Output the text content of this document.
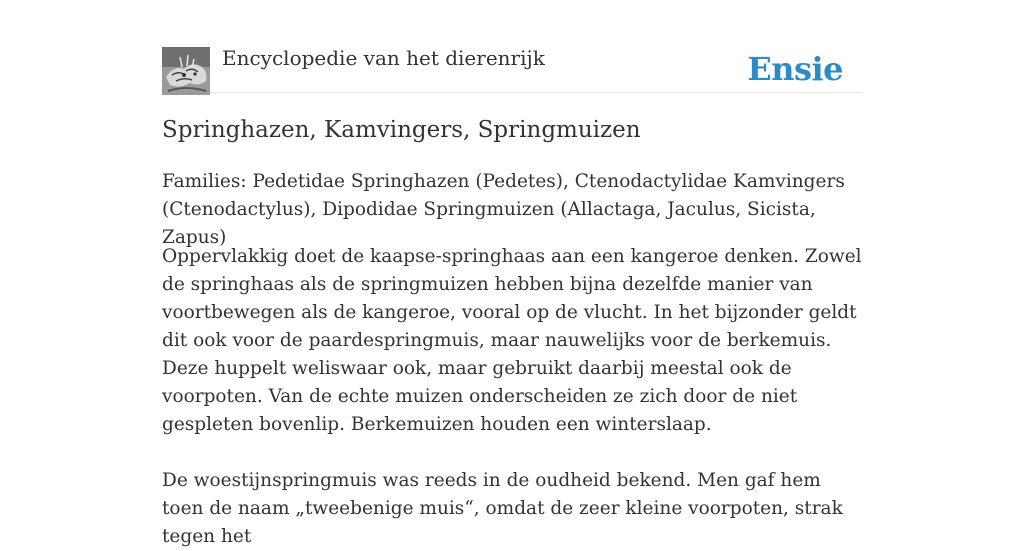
Encyclopedie van het dierenrijk	Ensie
Springhazen, Kamvingers, Springmuizen

Families: Pedetidae Springhazen (Pedetes), Ctenodactylidae Kamvingers (Ctenodactylus), Dipodidae Springmuizen (Allactaga, Jaculus, Sicista, Zapus)

Oppervlakkig doet de kaapse-springhaas aan een kangeroe denken. Zowel de springhaas als de springmuizen hebben bijna dezelfde manier van voortbewegen als de kangeroe, vooral op de vlucht. In het bijzonder geldt dit ook voor de paardespringmuis, maar nauwelijks voor de berkemuis. Deze huppelt weliswaar ook, maar gebruikt daarbij meestal ook de voorpoten. Van de echte muizen onderscheiden ze zich door de niet gespleten bovenlip. Berkemuizen houden een winterslaap.

De woestijnspringmuis was reeds in de oudheid bekend. Men gaf hem toen de naam „tweebenige muis“, omdat de zeer kleine voorpoten, strak tegen het
